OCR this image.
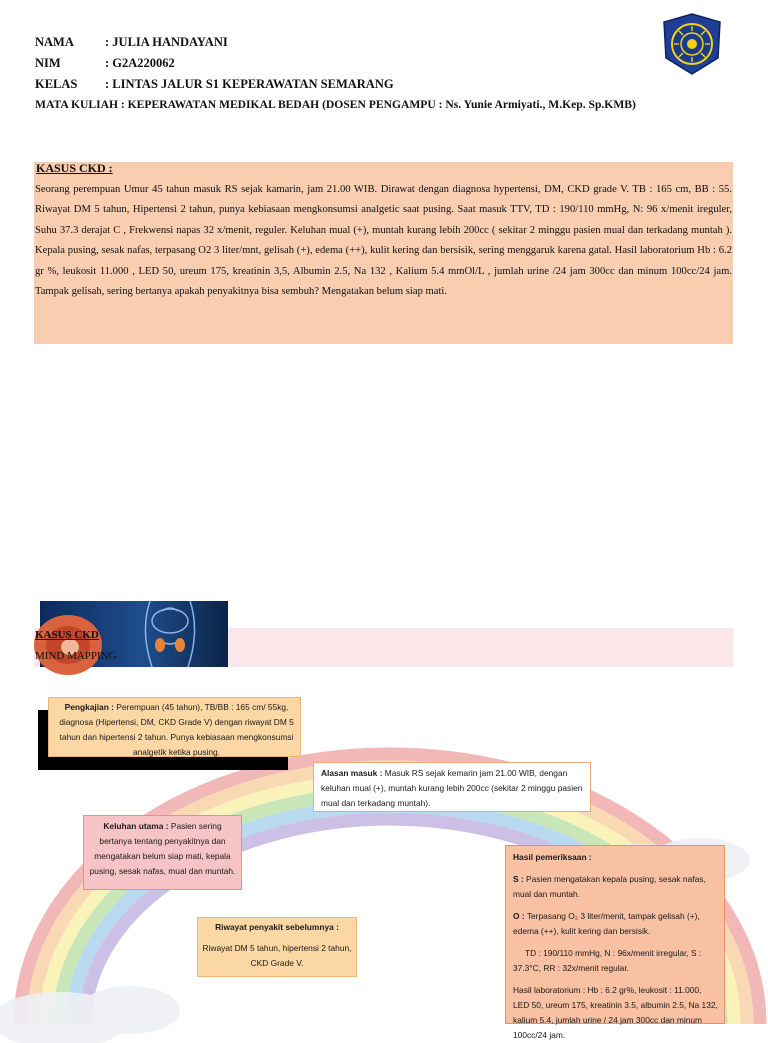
NAMA : JULIA HANDAYANI
NIM	: G2A220062
KELAS : LINTAS JALUR S1 KEPERAWATAN SEMARANG
MATA KULIAH : KEPERAWATAN MEDIKAL BEDAH (DOSEN PENGAMPU : Ns. Yunie Armiyati., M.Kep. Sp.KMB)
KASUS CKD :
Seorang perempuan Umur 45 tahun masuk RS sejak kamarin, jam 21.00 WIB. Dirawat dengan diagnosa hypertensi, DM, CKD grade V. TB : 165 cm, BB : 55. Riwayat DM 5 tahun, Hipertensi 2 tahun, punya kebiasaan mengkonsumsi analgetic saat pusing. Saat masuk TTV, TD : 190/110 mmHg, N: 96 x/menit ireguler, Suhu 37.3 derajat C , Frekwensi napas 32 x/menit, reguler. Keluhan mual (+), muntah kurang lebih 200cc ( sekitar 2 minggu pasien mual dan terkadang muntah ). Kepala pusing, sesak nafas, terpasang O2 3 liter/mnt, gelisah (+), edema (++), kulit kering dan bersisik, sering menggaruk karena gatal. Hasil laboratorium Hb : 6.2 gr %, leukosit 11.000 , LED 50, ureum 175, kreatinin 3,5, Albumin 2.5, Na 132 , Kalium 5.4 mmOl/L , jumlah urine /24 jam 300cc dan minum 100cc/24 jam. Tampak gelisah, sering bertanya apakah penyakitnya bisa sembuh? Mengatakan belum siap mati.
KASUS CKD
MIND MAPPING
Pengkajian : Perempuan (45 tahun), TB/BB : 165 cm/ 55kg, diagnosa (Hipertensi, DM, CKD Grade V) dengan riwayat DM 5 tahun dan hipertensi 2 tahun. Punya kebiasaan mengkonsumsi analgetik ketika pusing.
Alasan masuk : Masuk RS sejak kemarin jam 21.00 WIB, dengan keluhan mual (+), muntah kurang lebih 200cc (sekitar 2 minggu pasien mual dan terkadang muntah).
Keluhan utama : Pasien sering bertanya tentang penyakitnya dan mengatakan belum siap mati, kepala pusing, sesak nafas, mual dan muntah.
Riwayat penyakit sebelumnya :
Riwayat DM 5 tahun, hipertensi 2 tahun, CKD Grade V.

Hasil pemeriksaan :

S : Pasien mengatakan kepala pusing, sesak nafas, mual dan muntah.

O : Terpasang O₂ 3 liter/menit, tampak gelisah (+), edema (++), kulit kering dan bersisik.

TD : 190/110 mmHg, N : 96x/menit irregular, S : 37.3°C, RR : 32x/menit regular.

Hasil laboratorium : Hb : 6.2 gr%, leukosit : 11.000, LED 50, ureum 175, kreatinin 3.5, albumin 2.5, Na 132, kalium 5.4, jumlah urine / 24 jam 300cc dan minum 100cc/24 jam.
